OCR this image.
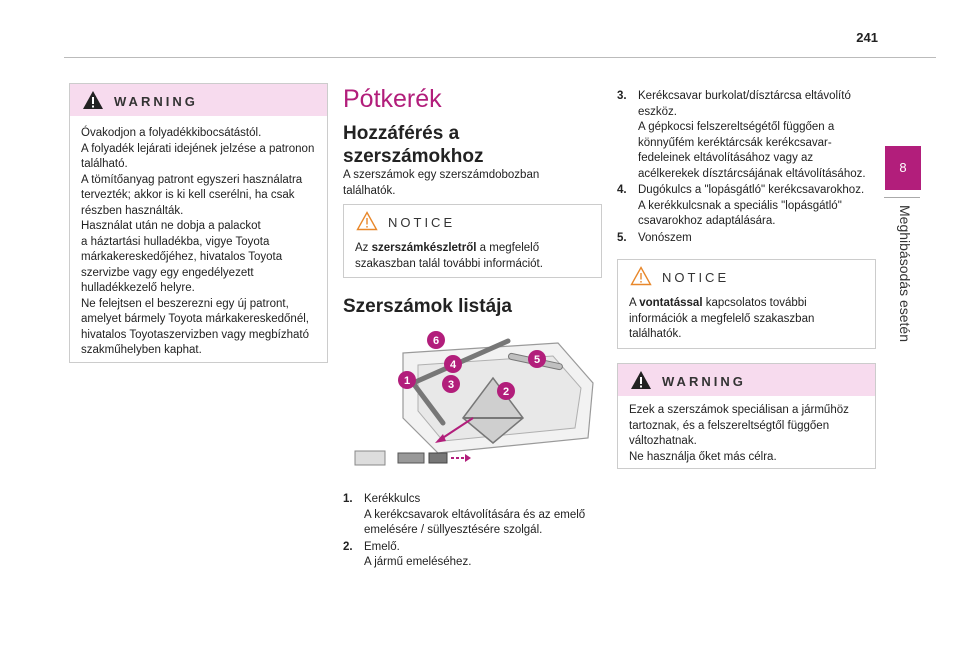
241
8
Meghibásodás esetén
WARNING
Óvakodjon a folyadékkibocsátástól.
A folyadék lejárati idejének jelzése a patronon
található.
A tömítőanyag patront egyszeri használatra
tervezték; akkor is ki kell cserélni, ha csak
részben használták.
Használat után ne dobja a palackot
a háztartási hulladékba, vigye Toyota
márkakereskedőjéhez, hivatalos Toyota
szervizbe vagy egy engedélyezett
hulladékkezelő helyre.
Ne felejtsen el beszerezni egy új patront,
amelyet bármely Toyota márkakereskedőnél,
hivatalos Toyotaszervizben vagy megbízható
szakműhelyben kaphat.
Pótkerék
Hozzáférés a
szerszámokhoz
A szerszámok egy szerszámdobozban
találhatók.
NOTICE
Az szerszámkészletről a megfelelő
szakaszban talál további információt.
Szerszámok listája
6
4	5
1	3
2
1. Kerékkulcs
A kerékcsavarok eltávolítására és az emelő
emelésére / süllyesztésére szolgál.
2. Emelő.
A jármű emeléséhez.
3. Kerékcsavar burkolat/dísztárcsa eltávolító
eszköz.
A gépkocsi felszereltségétől függően a
könnyűfém keréktárcsák kerékcsavar-
fedeleinek eltávolításához vagy az
acélkerekek dísztárcsájának eltávolításához.
4. Dugókulcs a "lopásgátló" kerékcsavarokhoz.
A kerékkulcsnak a speciális "lopásgátló"
csavarokhoz adaptálására.
5. Vonószem
NOTICE
A vontatással kapcsolatos további
információk a megfelelő szakaszban
találhatók.
WARNING
Ezek a szerszámok speciálisan a járműhöz
tartoznak, és a felszereltségtől függően
változhatnak.
Ne használja őket más célra.
